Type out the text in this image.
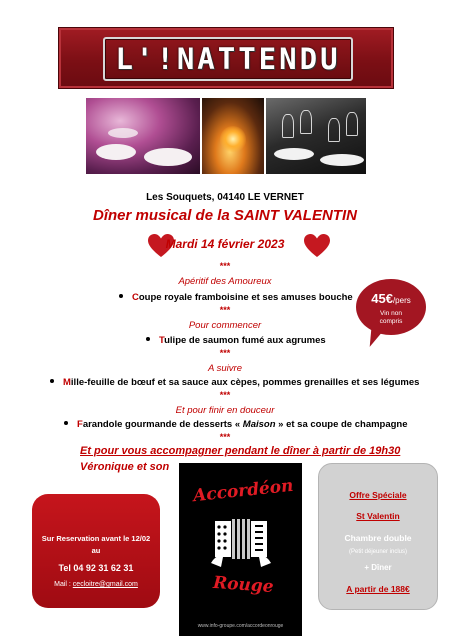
L'!NATTENDU
Les Souquets, 04140 LE VERNET
Dîner musical de la SAINT VALENTIN
Mardi 14 février 2023
***
Apéritif des Amoureux
Coupe royale framboisine et ses amuses bouche
***
Pour commencer
Tulipe de saumon fumé aux agrumes
***
A suivre
Mille-feuille de bœuf et sa sauce aux cèpes, pommes grenailles et ses légumes
***
Et pour finir en douceur
Farandole gourmande de desserts « Maison » et sa coupe de champagne
***
Et pour vous accompagner pendant le dîner à partir de 19h30
Véronique et son
45€/pers
Vin non
compris
Sur Reservation avant le 12/02
au
Tel 04 92 31 62 31
Mail : cecloitre@gmail.com
Accordéon
Rouge
www.info-groupe.com/accordeonrouge
Offre Spéciale
St Valentin
Chambre double
(Petit déjeuner inclus)
+ Dîner
A partir de 188€
